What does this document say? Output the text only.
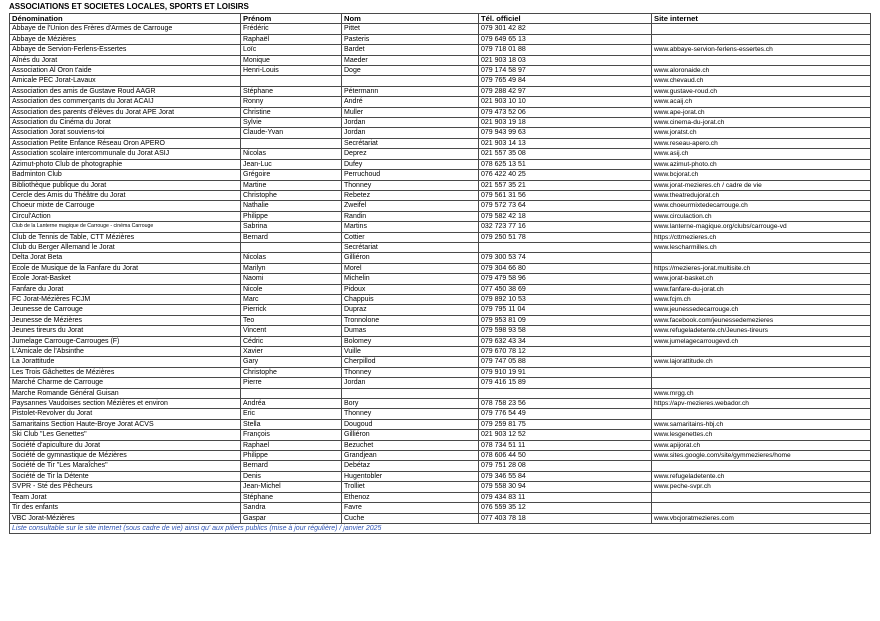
ASSOCIATIONS ET SOCIETES LOCALES, SPORTS ET LOISIRS
Dénomination	Prénom	Nom	Tél. officiel	Site internet
Abbaye de l'Union des Frères d'Armes de Carrouge	Frédéric	Pittet	079 301 42 82	
Abbaye de Mézières	Raphaël	Pasteris	079 649 65 13	
Abbaye de Servion-Ferlens-Essertes	Loïc	Bardet	079 718 01 88	www.abbaye-servion-ferlens-essertes.ch
Aînés du Jorat	Monique	Maeder	021 903 18 03	
Association Al Oron t'aide	Henri-Louis	Doge	079 174 58 97	www.aloronaide.ch
Amicale PEC Jorat-Lavaux			079 765 49 84	www.chevaud.ch
Association des amis de Gustave Roud AAGR	Stéphane	Pétermann	079 288 42 97	www.gustave-roud.ch
Association des commerçants du Jorat ACAIJ	Ronny	André	021 903 10 10	www.acaij.ch
Association des parents d'élèves du Jorat APE Jorat	Christine	Muller	079 473 52 06	www.ape-jorat.ch
Association du Cinéma du Jorat	Sylvie	Jordan	021 903 19 18	www.cinema-du-jorat.ch
Association Jorat souviens-toi	Claude-Yvan	Jordan	079 943 99 63	www.joratst.ch
Association Petite Enfance Réseau Oron APERO		Secrétariat	021 903 14 13	www.reseau-apero.ch
Association scolaire intercommunale du Jorat ASIJ	Nicolas	Deprez	021 557 35 08	www.asij.ch
Azimut-photo Club de photographie	Jean-Luc	Dufey	078 625 13 51	www.azimut-photo.ch
Badminton Club	Grégoire	Perruchoud	076 422 40 25	www.bcjorat.ch
Bibliothèque publique du Jorat	Martine	Thonney	021 557 35 21	www.jorat-mezieres.ch / cadre de vie
Cercle des Amis du Théâtre du Jorat	Christophe	Rebetez	079 561 31 56	www.theatredujorat.ch
Choeur mixte de Carrouge	Nathalie	Zweifel	079 572 73 64	www.choeurmixtedecarrouge.ch
Circul'Action	Philippe	Randin	079 582 42 18	www.circulaction.ch
Club de la Lanterne magique de Carrouge - cinéma Carrouge	Sabrina	Martins	032 723 77 16	www.lanterne-magique.org/clubs/carrouge-vd
Club de Tennis de Table, CTT Mézières	Bernard	Cottier	079 250 51 78	https://cttmezieres.ch
Club du Berger Allemand le Jorat		Secrétariat		www.lescharmilles.ch
Delta Jorat Beta	Nicolas	Gilliéron	079 300 53 74	
Ecole de Musique de la Fanfare du Jorat	Marilyn	Morel	079 304 66 80	https://mezieres-jorat.multisite.ch
Ecole Jorat-Basket	Naomi	Michelin	079 479 58 96	www.jorat-basket.ch
Fanfare du Jorat	Nicole	Pidoux	077 450 38 69	www.fanfare-du-jorat.ch
FC Jorat-Mézières FCJM	Marc	Chappuis	079 892 10 53	www.fcjm.ch
Jeunesse de Carrouge	Pierrick	Dupraz	079 795 11 04	www.jeunessedecarrouge.ch
Jeunesse de Mézières	Teo	Tronnolone	079 953 81 09	www.facebook.com/jeunessedemezieres
Jeunes tireurs du Jorat	Vincent	Dumas	079 598 93 58	www.refugeladetente.ch/Jeunes-tireurs
Jumelage Carrouge-Carrouges (F)	Cédric	Bolomey	079 632 43 34	www.jumelagecarrougevd.ch
L'Amicale de l'Absinthe	Xavier	Vuille	079 670 78 12	
La Jorattitude	Gary	Cherpillod	079 747 05 88	www.lajorattitude.ch
Les Trois Gâchettes de Mézières	Christophe	Thonney	079 910 19 91	
Marché Charme de Carrouge	Pierre	Jordan	079 416 15 89	
Marche Romande Général Guisan				www.mrgg.ch
Paysannes Vaudoises section Mézières et environ	Andréa	Bory	078 758 23 56	https://apv-mezieres.webador.ch
Pistolet-Revolver du Jorat	Eric	Thonney	079 776 54 49	
Samaritains Section Haute-Broye Jorat ACVS	Stella	Dougoud	079 259 81 75	www.samaritains-hbj.ch
Ski Club "Les Genettes"	François	Gilliéron	021 903 12 52	www.lesgenettes.ch
Société d'apiculture du Jorat	Raphael	Bezuchet	078 734 51 11	www.apijorat.ch
Société de gymnastique de Mézières	Philippe	Grandjean	078 606 44 50	www.sites.google.com/site/gymmezieres/home
Société de Tir "Les Maraîches"	Bernard	Debétaz	079 751 28 08	
Société de Tir la Détente	Denis	Hugentobler	079 346 55 84	www.refugeladetente.ch
SVPR - Sté des Pêcheurs	Jean-Michel	Trolliet	079 558 30 94	www.peche-svpr.ch
Team Jorat	Stéphane	Ethenoz	079 434 83 11	
Tir des enfants	Sandra	Favre	076 559 35 12	
VBC Jorat-Mézières	Gaspar	Cuche	077 403 78 18	www.vbcjoratmezieres.com
Liste consultable sur le site internet (sous cadre de vie) ainsi qu' aux piliers publics (mise à jour régulière) / janvier 2025				
